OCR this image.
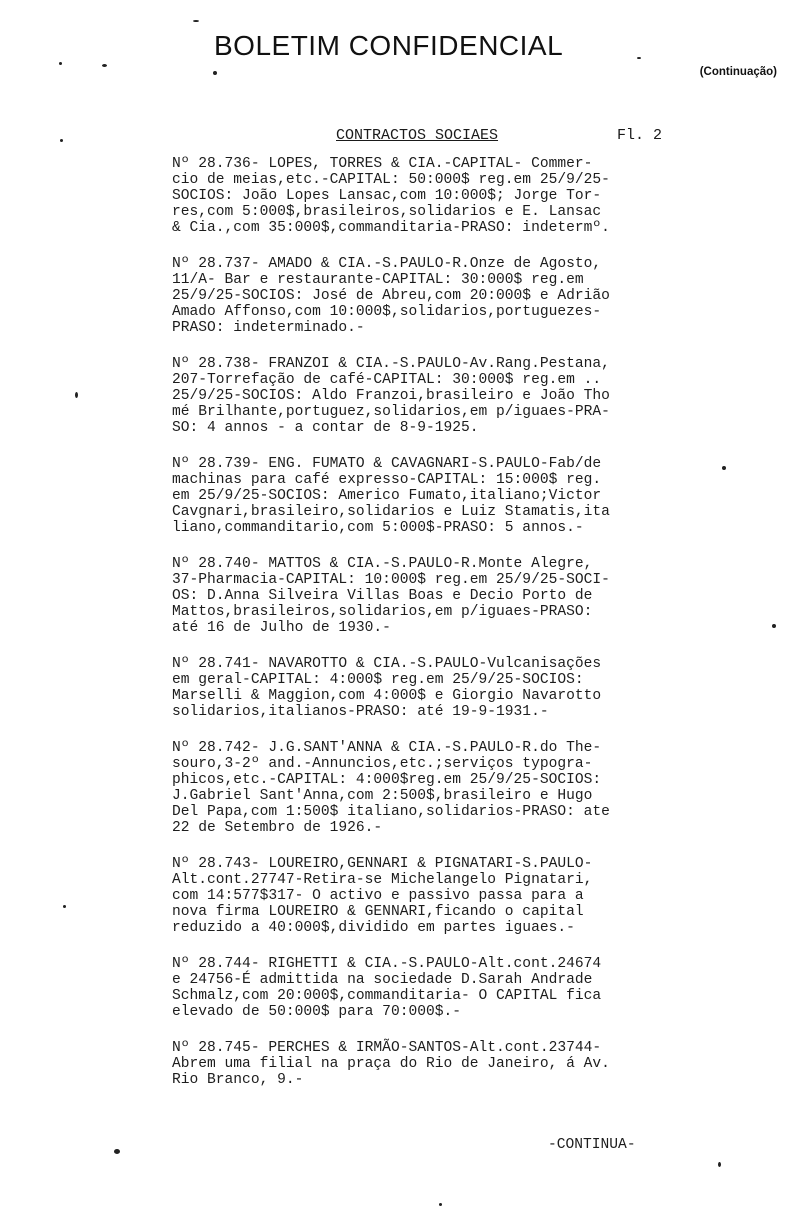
BOLETIM CONFIDENCIAL
(Continuação)
CONTRACTOS SOCIAES	Fl. 2
Nº 28.736- LOPES, TORRES & CIA.-CAPITAL- Commer-
cio de meias,etc.-CAPITAL: 50:000$ reg.em 25/9/25-
SOCIOS: João Lopes Lansac,com 10:000$; Jorge Tor-
res,com 5:000$,brasileiros,solidarios e E. Lansac
& Cia.,com 35:000$,commanditaria-PRASO: indetermº.
Nº 28.737- AMADO & CIA.-S.PAULO-R.Onze de Agosto,
11/A- Bar e restaurante-CAPITAL: 30:000$ reg.em
25/9/25-SOCIOS: José de Abreu,com 20:000$ e Adrião
Amado Affonso,com 10:000$,solidarios,portuguezes-
PRASO: indeterminado.-
Nº 28.738- FRANZOI & CIA.-S.PAULO-Av.Rang.Pestana,
207-Torrefação de café-CAPITAL: 30:000$ reg.em ..
25/9/25-SOCIOS: Aldo Franzoi,brasileiro e João Tho
mé Brilhante,portuguez,solidarios,em p/iguaes-PRA-
SO: 4 annos - a contar de 8-9-1925.
Nº 28.739- ENG. FUMATO & CAVAGNARI-S.PAULO-Fab/de
machinas para café expresso-CAPITAL: 15:000$ reg.
em 25/9/25-SOCIOS: Americo Fumato,italiano;Victor
Cavgnari,brasileiro,solidarios e Luiz Stamatis,ita
liano,commanditario,com 5:000$-PRASO: 5 annos.-
Nº 28.740- MATTOS & CIA.-S.PAULO-R.Monte Alegre,
37-Pharmacia-CAPITAL: 10:000$ reg.em 25/9/25-SOCI-
OS: D.Anna Silveira Villas Boas e Decio Porto de
Mattos,brasileiros,solidarios,em p/iguaes-PRASO:
até 16 de Julho de 1930.-
Nº 28.741- NAVAROTTO & CIA.-S.PAULO-Vulcanisações
em geral-CAPITAL: 4:000$ reg.em 25/9/25-SOCIOS:
Marselli & Maggion,com 4:000$ e Giorgio Navarotto
solidarios,italianos-PRASO: até 19-9-1931.-
Nº 28.742- J.G.SANT'ANNA & CIA.-S.PAULO-R.do The-
souro,3-2º and.-Annuncios,etc.;serviços typogra-
phicos,etc.-CAPITAL: 4:000$reg.em 25/9/25-SOCIOS:
J.Gabriel Sant'Anna,com 2:500$,brasileiro e Hugo
Del Papa,com 1:500$ italiano,solidarios-PRASO: ate
22 de Setembro de 1926.-
Nº 28.743- LOUREIRO,GENNARI & PIGNATARI-S.PAULO-
Alt.cont.27747-Retira-se Michelangelo Pignatari,
com 14:577$317- O activo e passivo passa para a
nova firma LOUREIRO & GENNARI,ficando o capital
reduzido a 40:000$,dividido em partes iguaes.-
Nº 28.744- RIGHETTI & CIA.-S.PAULO-Alt.cont.24674
e 24756-É admittida na sociedade D.Sarah Andrade
Schmalz,com 20:000$,commanditaria- O CAPITAL fica
elevado de 50:000$ para 70:000$.-
Nº 28.745- PERCHES & IRMÃO-SANTOS-Alt.cont.23744-
Abrem uma filial na praça do Rio de Janeiro, á Av.
Rio Branco, 9.-
-CONTINUA-
